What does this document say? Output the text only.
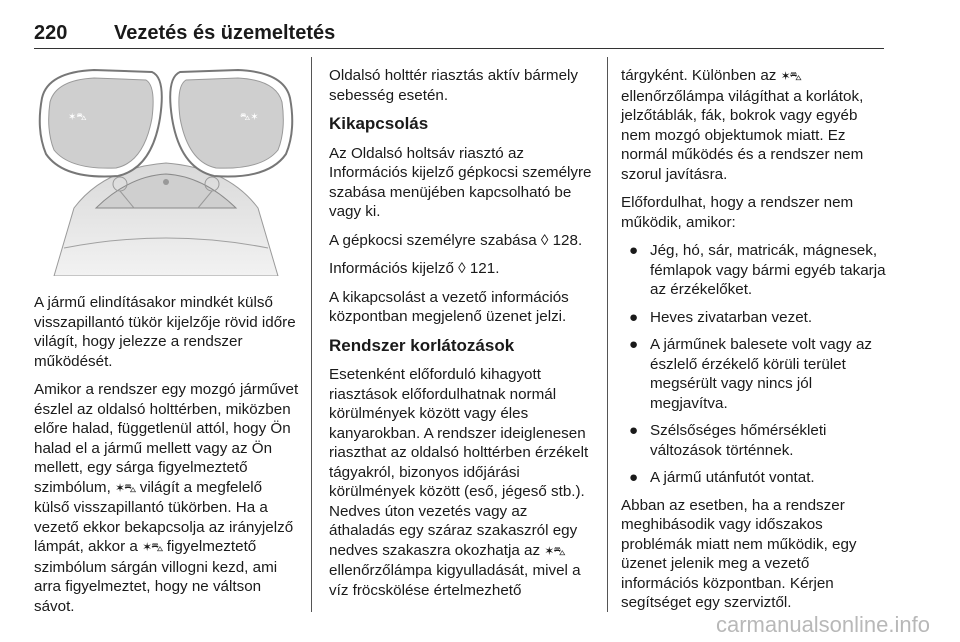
220 Vezetés és üzemeltetés
✶⛍	⛍✶

A jármű elindításakor mindkét külső visszapillantó tükör kijelzője rövid időre világít, hogy jelezze a rendszer működését.

Amikor a rendszer egy mozgó járművet észlel az oldalsó holttérben, miközben előre halad, függetlenül attól, hogy Ön halad el a jármű mellett vagy az Ön mellett, egy sárga figyelmeztető szimbólum, ✶⛍ világít a megfelelő külső visszapillantó tükörben. Ha a vezető ekkor bekapcsolja az irányjelző lámpát, akkor a ✶⛍ figyelmeztető szimbólum sárgán villogni kezd, ami arra figyelmeztet, hogy ne váltson sávot.

Oldalsó holttér riasztás aktív bármely sebesség esetén.

Kikapcsolás

Az Oldalsó holtsáv riasztó az Információs kijelző gépkocsi személyre szabása menüjében kapcsolható be vagy ki.

A gépkocsi személyre szabása ◊ 128.

Információs kijelző ◊ 121.

A kikapcsolást a vezető információs központban megjelenő üzenet jelzi.

Rendszer korlátozások

Esetenként előforduló kihagyott riasztások előfordulhatnak normál körülmények között vagy éles kanyarokban. A rendszer ideiglenesen riaszthat az oldalsó holttérben érzékelt tágyakról, bizonyos időjárási körülmények között (eső, jégeső stb.). Nedves úton vezetés vagy az áthaladás egy száraz szakaszról egy nedves szakaszra okozhatja az ✶⛍ ellenőrzőlámpa kigyulladását, mivel a víz fröcskölése értelmezhető

tárgyként. Különben az ✶⛍ ellenőrzőlámpa világíthat a korlátok, jelzőtáblák, fák, bokrok vagy egyéb nem mozgó objektumok miatt. Ez normál működés és a rendszer nem szorul javításra.

Előfordulhat, hogy a rendszer nem működik, amikor:

● Jég, hó, sár, matricák, mágnesek, fémlapok vagy bármi egyéb takarja az érzékelőket.
● Heves zivatarban vezet.
● A járműnek balesete volt vagy az észlelő érzékelő körüli terület megsérült vagy nincs jól megjavítva.
● Szélsőséges hőmérsékleti változások történnek.
● A jármű utánfutót vontat.

Abban az esetben, ha a rendszer meghibásodik vagy időszakos problémák miatt nem működik, egy üzenet jelenik meg a vezető információs központban. Kérjen segítséget egy szerviztől.

carmanualsonline.info
